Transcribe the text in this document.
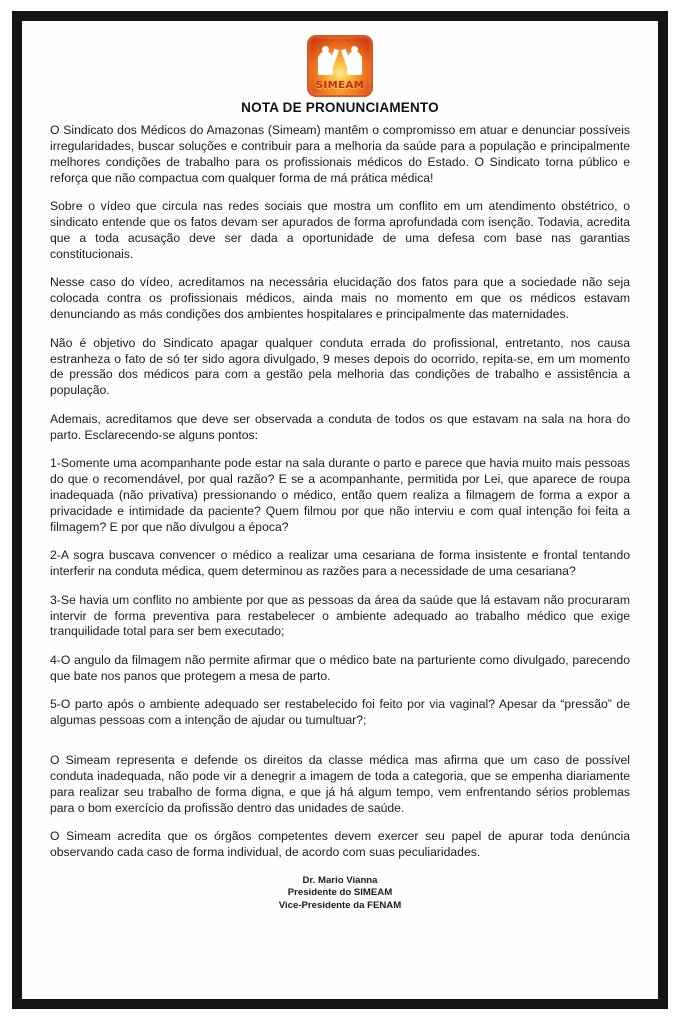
SIMEAM
NOTA DE PRONUNCIAMENTO

O Sindicato dos Médicos do Amazonas (Simeam) mantêm o compromisso em atuar e denunciar possíveis irregularidades, buscar soluções e contribuir para a melhoria da saúde para a população e principalmente melhores condições de trabalho para os profissionais médicos do Estado. O Sindicato torna público e reforça que não compactua com qualquer forma de má prática médica!

Sobre o vídeo que circula nas redes sociais que mostra um conflito em um atendimento obstétrico, o sindicato entende que os fatos devam ser apurados de forma aprofundada com isenção. Todavia, acredita que a toda acusação deve ser dada a oportunidade de uma defesa com base nas garantias constitucionais.

Nesse caso do vídeo, acreditamos na necessária elucidação dos fatos para que a sociedade não seja colocada contra os profissionais médicos, ainda mais no momento em que os médicos estavam denunciando as más condições dos ambientes hospitalares e principalmente das maternidades.

Não é objetivo do Sindicato apagar qualquer conduta errada do profissional, entretanto, nos causa estranheza o fato de só ter sido agora divulgado, 9 meses depois do ocorrido, repita-se, em um momento de pressão dos médicos para com a gestão pela melhoria das condições de trabalho e assistência a população.

Ademais, acreditamos que deve ser observada a conduta de todos os que estavam na sala na hora do parto. Esclarecendo-se alguns pontos:

1-Somente uma acompanhante pode estar na sala durante o parto e parece que havia muito mais pessoas do que o recomendável, por qual razão? E se a acompanhante, permitida por Lei, que aparece de roupa inadequada (não privativa) pressionando o médico, então quem realiza a filmagem de forma a expor a privacidade e intimidade da paciente? Quem filmou por que não interviu e com qual intenção foi feita a filmagem? E por que não divulgou a época?

2-A sogra buscava convencer o médico a realizar uma cesariana de forma insistente e frontal tentando interferir na conduta médica, quem determinou as razões para a necessidade de uma cesariana?

3-Se havia um conflito no ambiente por que as pessoas da área da saúde que lá estavam não procuraram intervir de forma preventiva para restabelecer o ambiente adequado ao trabalho médico que exige tranquilidade total para ser bem executado;

4-O angulo da filmagem não permite afirmar que o médico bate na parturiente como divulgado, parecendo que bate nos panos que protegem a mesa de parto.

5-O parto após o ambiente adequado ser restabelecido foi feito por via vaginal? Apesar da “pressão” de algumas pessoas com a intenção de ajudar ou tumultuar?;

O Simeam representa e defende os direitos da classe médica mas afirma que um caso de possível conduta inadequada, não pode vir a denegrir a imagem de toda a categoria, que se empenha diariamente para realizar seu trabalho de forma digna, e que já há algum tempo, vem enfrentando sérios problemas para o bom exercício da profissão dentro das unidades de saúde.

O Simeam acredita que os órgãos competentes devem exercer seu papel de apurar toda denúncia observando cada caso de forma individual, de acordo com suas peculiaridades.

Dr. Mario Vianna
Presidente do SIMEAM
Vice-Presidente da FENAM
